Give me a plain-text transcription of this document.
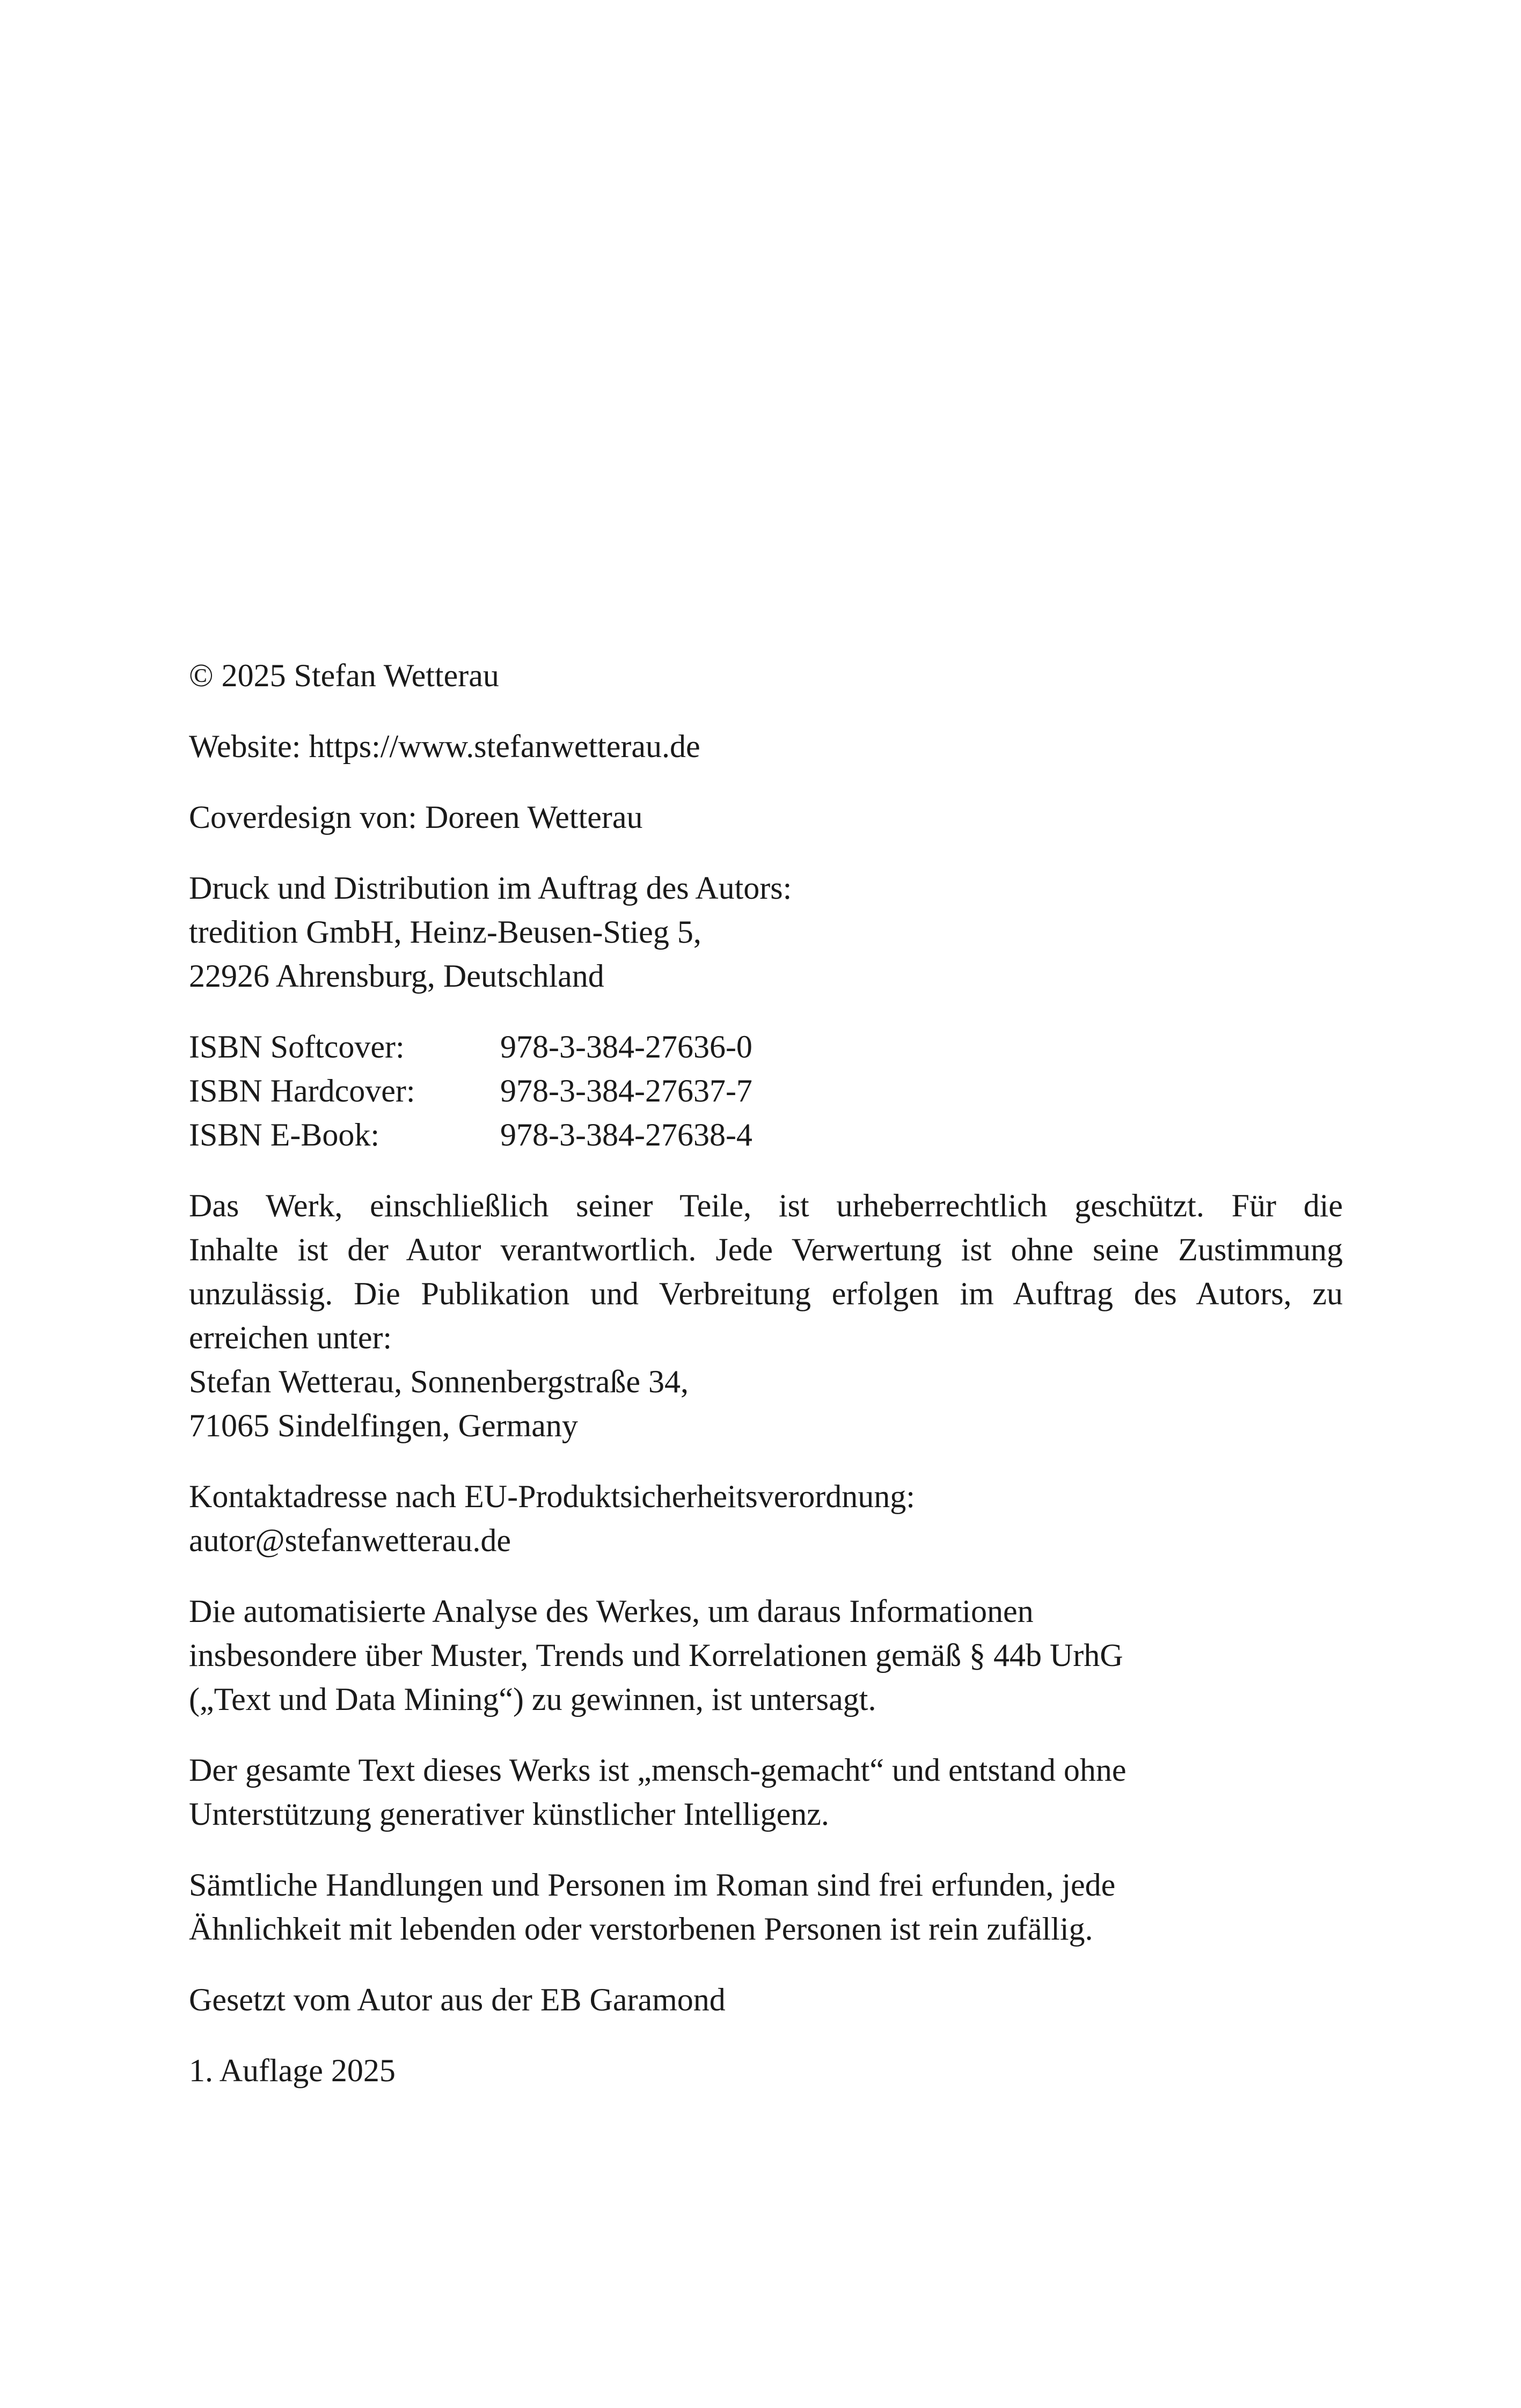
© 2025 Stefan Wetterau

Website: https://www.stefanwetterau.de

Coverdesign von: Doreen Wetterau

Druck und Distribution im Auftrag des Autors:
tredition GmbH, Heinz-Beusen-Stieg 5,
22926 Ahrensburg, Deutschland

ISBN Softcover:	978-3-384-27636-0
ISBN Hardcover:	978-3-384-27637-7
ISBN E-Book:	978-3-384-27638-4

Das Werk, einschließlich seiner Teile, ist urheberrechtlich geschützt. Für die
Inhalte ist der Autor verantwortlich. Jede Verwertung ist ohne seine Zustimmung
unzulässig. Die Publikation und Verbreitung erfolgen im Auftrag des Autors, zu
erreichen unter:
Stefan Wetterau, Sonnenbergstraße 34,
71065 Sindelfingen, Germany

Kontaktadresse nach EU-Produktsicherheitsverordnung:
autor@stefanwetterau.de

Die automatisierte Analyse des Werkes, um daraus Informationen
insbesondere über Muster, Trends und Korrelationen gemäß § 44b UrhG
(„Text und Data Mining“) zu gewinnen, ist untersagt.

Der gesamte Text dieses Werks ist „mensch-gemacht“ und entstand ohne
Unterstützung generativer künstlicher Intelligenz.

Sämtliche Handlungen und Personen im Roman sind frei erfunden, jede
Ähnlichkeit mit lebenden oder verstorbenen Personen ist rein zufällig.

Gesetzt vom Autor aus der EB Garamond

1. Auflage 2025
